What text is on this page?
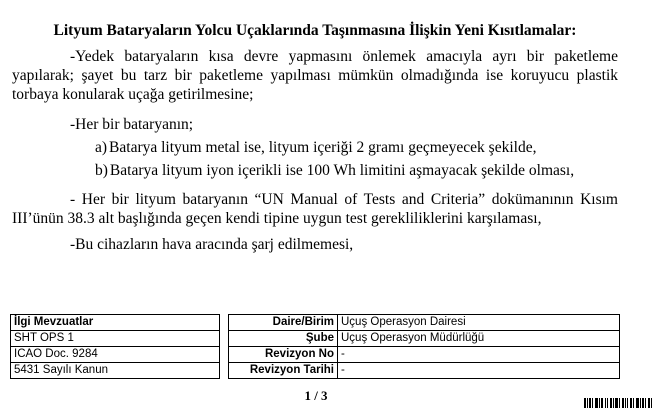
Lityum Bataryaların Yolcu Uçaklarında Taşınmasına İlişkin Yeni Kısıtlamalar:
-Yedek bataryaların kısa devre yapmasını önlemek amacıyla ayrı bir paketleme yapılarak; şayet bu tarz bir paketleme yapılması mümkün olmadığında ise koruyucu plastik torbaya konularak uçağa getirilmesine;
-Her bir bataryanın;
a) Batarya lityum metal ise, lityum içeriği 2 gramı geçmeyecek şekilde,
b) Batarya lityum iyon içerikli ise 100 Wh limitini aşmayacak şekilde olması,
- Her bir lityum bataryanın “UN Manual of Tests and Criteria” dokümanının Kısım III’ünün 38.3 alt başlığında geçen kendi tipine uygun test gerekliliklerini karşılaması,
-Bu cihazların hava aracında şarj edilmemesi,
İlgi Mevzuatlar
SHT OPS 1
ICAO Doc. 9284
5431 Sayılı Kanun
Daire/Birim	Uçuş Operasyon Dairesi
Şube	Uçuş Operasyon Müdürlüğü
Revizyon No	-
Revizyon Tarihi	-
1 / 3
